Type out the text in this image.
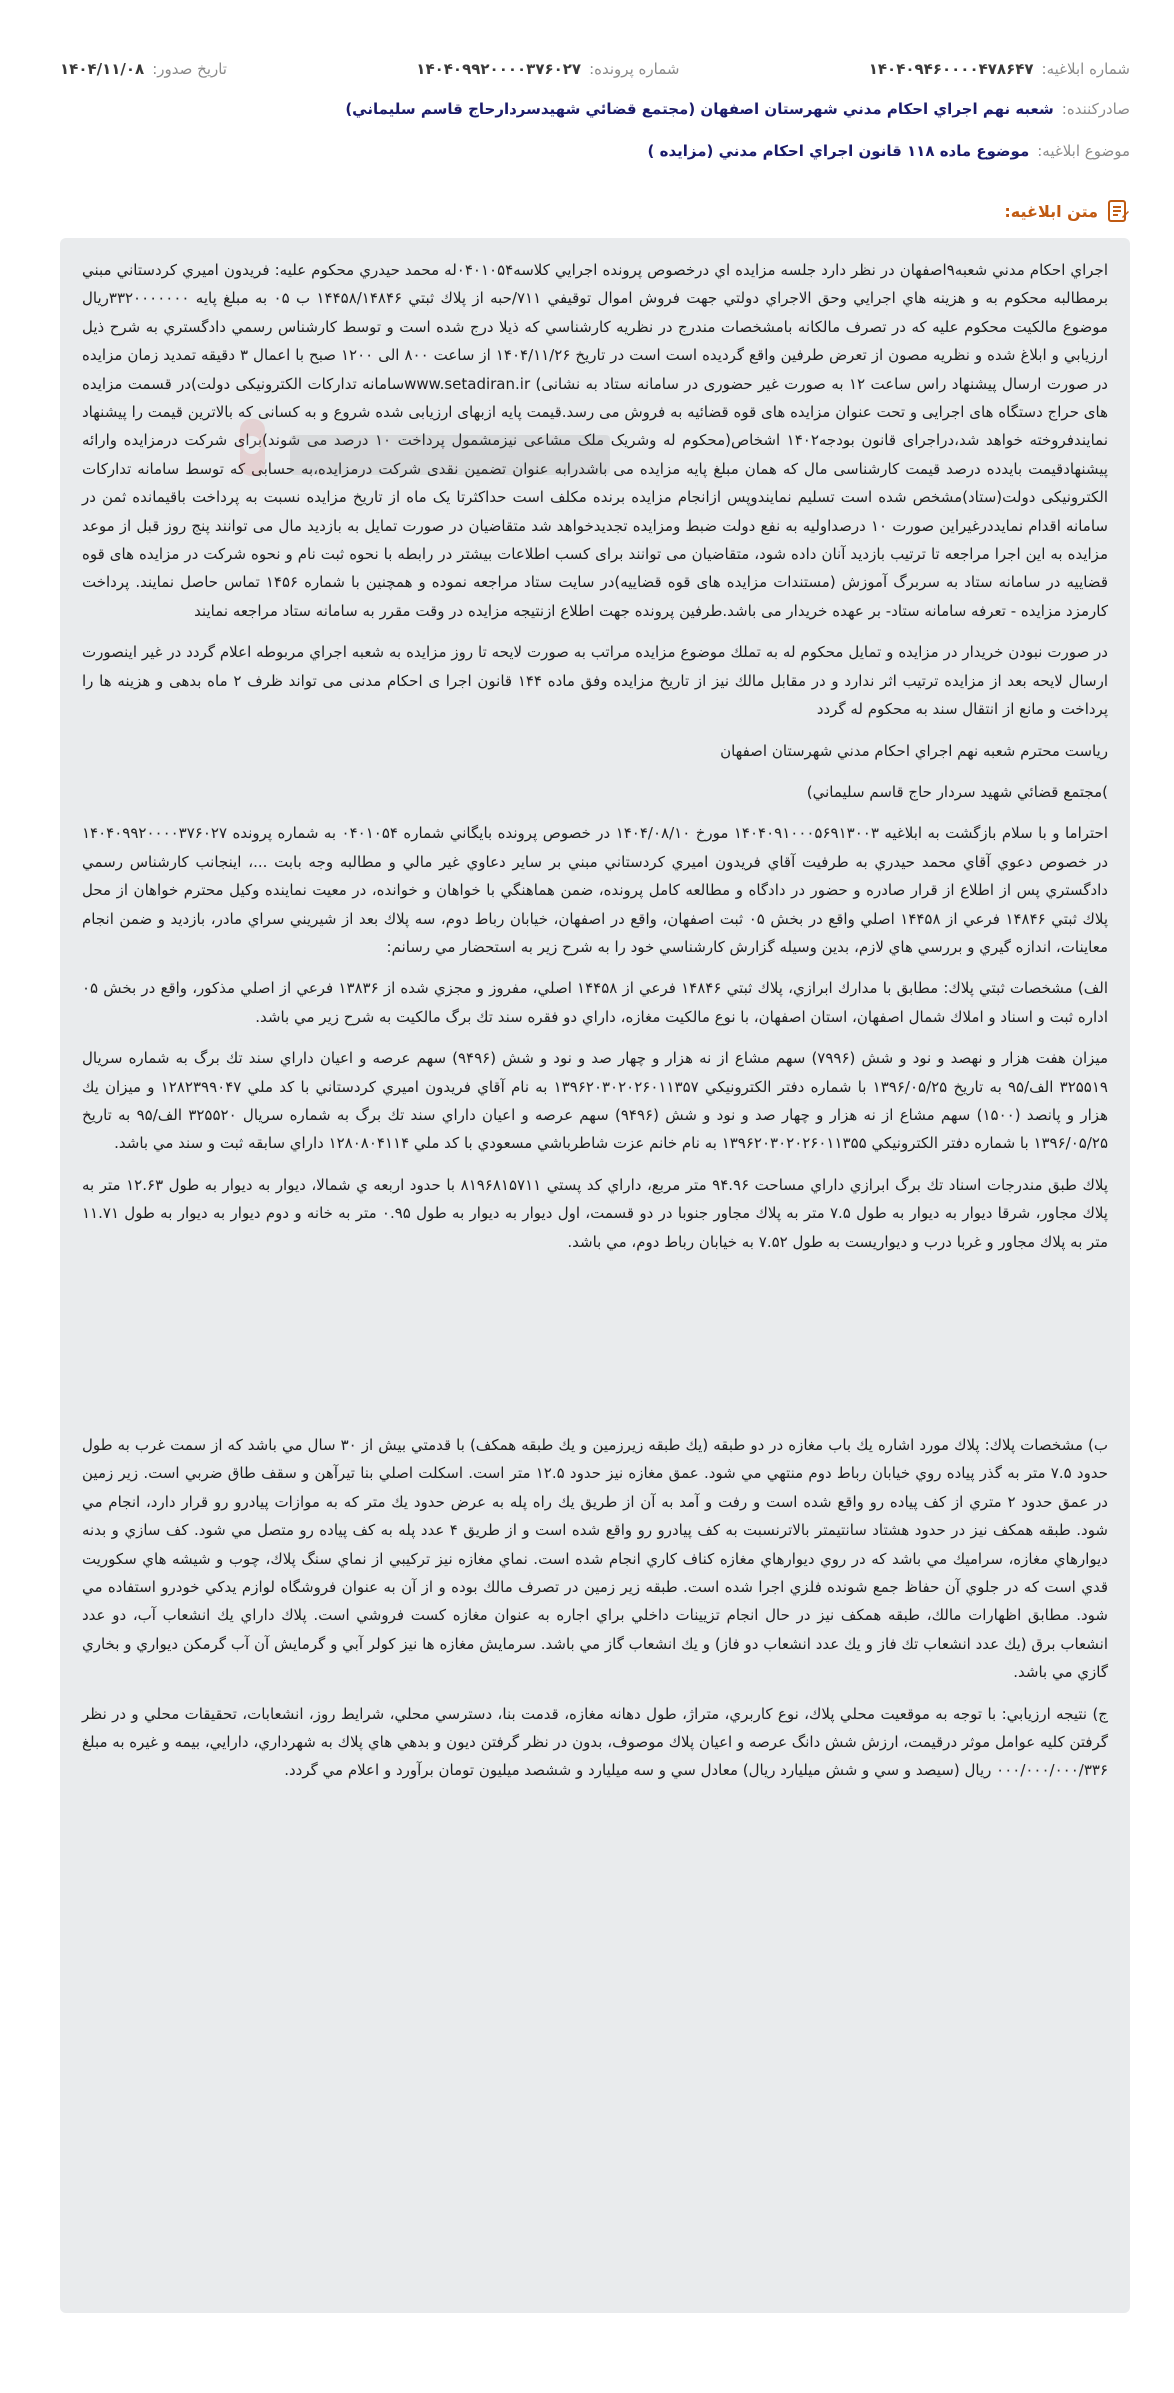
شماره ابلاغيه:
۱۴۰۴۰۹۴۶۰۰۰۰۴۷۸۶۴۷
شماره پرونده:
۱۴۰۴۰۹۹۲۰۰۰۰۳۷۶۰۲۷
تاريخ صدور:
۱۴۰۴/۱۱/۰۸
صادركننده:
شعبه نهم اجراي احكام مدني شهرستان اصفهان (مجتمع قضائي شهيدسردارحاج قاسم سليماني)
موضوع ابلاغيه:
موضوع ماده ۱۱۸ قانون اجراي احكام مدني (مزايده )
متن ابلاغیه:

اجراي احكام مدني شعبه۹اصفهان در نظر دارد جلسه مزايده اي درخصوص پرونده اجرايي كلاسه۰۴۰۱۰۵۴له محمد حيدري محكوم عليه: فريدون اميري كردستاني مبني برمطالبه محكوم به و هزينه هاي اجرايي وحق الاجراي دولتي جهت فروش اموال توقيفي ۷۱۱/حبه از پلاك ثبتي ۱۴۴۵۸/۱۴۸۴۶ ب ۰۵ به مبلغ پايه ۳۳۲۰۰۰۰۰۰۰ريال موضوع مالكيت محكوم عليه كه در تصرف مالكانه بامشخصات مندرج در نظريه كارشناسي كه ذيلا درج شده است و توسط كارشناس رسمي دادگستري به شرح ذيل ارزيابي و ابلاغ شده و نظريه مصون از تعرض طرفين واقع گرديده است است در تاريخ ۱۴۰۴/۱۱/۲۶ از ساعت ۸۰۰ الی ۱۲۰۰ صبح با اعمال ۳ دقيقه تمديد زمان مزايده در صورت ارسال پيشنهاد راس ساعت ۱۲ به صورت غير حضوری در سامانه ستاد به نشانی) www.setadiran.irسامانه تدارکات الکترونيکی دولت)در قسمت مزايده های حراج دستگاه های اجرايی و تحت عنوان مزايده های قوه قضائيه به فروش می رسد.قيمت پايه ازبهای ارزيابی شده شروع و به کسانی که بالاترين قيمت را پيشنهاد نمايندفروخته خواهد شد،دراجرای قانون بودجه۱۴۰۲ اشخاص(محکوم له وشريک ملک مشاعی نيزمشمول پرداخت ۱۰ درصد می شوند)برای شرکت درمزايده وارائه پيشنهادقيمت بايدده درصد قيمت کارشناسی مال که همان مبلغ پايه مزايده می باشدرابه عنوان تضمين نقدی شرکت درمزايده،به حسابی که توسط سامانه تدارکات الکترونيکی دولت(ستاد)مشخص شده است تسليم نمايندوپس ازانجام مزايده برنده مکلف است حداکثرتا يک ماه از تاريخ مزايده نسبت به پرداخت باقيمانده ثمن در سامانه اقدام نمايددرغيراين صورت ۱۰ درصداوليه به نفع دولت ضبط ومزايده تجديدخواهد شد متقاضيان در صورت تمايل به بازديد مال می توانند پنج روز قبل از موعد مزايده به اين اجرا مراجعه تا ترتيب بازديد آنان داده شود، متقاضيان می توانند برای کسب اطلاعات بيشتر در رابطه با نحوه ثبت نام و نحوه شرکت در مزايده های قوه قضاييه در سامانه ستاد به سربرگ آموزش (مستندات مزايده های قوه قضاييه)در سايت ستاد مراجعه نموده و همچنين با شماره ۱۴۵۶ تماس حاصل نمايند. پرداخت کارمزد مزايده - تعرفه سامانه ستاد- بر عهده خريدار می باشد.طرفين پرونده جهت اطلاع ازنتيجه مزايده در وقت مقرر به سامانه ستاد مراجعه نمايند

در صورت نبودن خريدار در مزايده و تمايل محكوم له به تملك موضوع مزايده مراتب به صورت لايحه تا روز مزايده به شعبه اجراي مربوطه اعلام گردد در غير اينصورت ارسال لايحه بعد از مزايده ترتيب اثر ندارد و در مقابل مالك نيز از تاريخ مزايده وفق ماده ۱۴۴ قانون اجرا ی احکام مدنی می تواند ظرف ۲ ماه بدهی و هزينه ها را پرداخت و مانع از انتقال سند به محکوم له گردد

رياست محترم شعبه نهم اجراي احكام مدني شهرستان اصفهان

)مجتمع قضائي شهيد سردار حاج قاسم سليماني)

احتراما و با سلام بازگشت به ابلاغيه ۱۴۰۴۰۹۱۰۰۰۵۶۹۱۳۰۰۳ مورخ ۱۴۰۴/۰۸/۱۰ در خصوص پرونده بايگاني شماره ۰۴۰۱۰۵۴ به شماره پرونده ۱۴۰۴۰۹۹۲۰۰۰۰۳۷۶۰۲۷ در خصوص دعوي آقاي محمد حيدري به طرفيت آقاي فريدون اميري كردستاني مبني بر ساير دعاوي غير مالي و مطالبه وجه بابت ...، اينجانب كارشناس رسمي دادگستري پس از اطلاع از قرار صادره و حضور در دادگاه و مطالعه كامل پرونده، ضمن هماهنگي با خواهان و خوانده، در معيت نماينده وكيل محترم خواهان از محل پلاك ثبتي ۱۴۸۴۶ فرعي از ۱۴۴۵۸ اصلي واقع در بخش ۰۵ ثبت اصفهان، واقع در اصفهان، خيابان رباط دوم، سه پلاك بعد از شيريني سراي مادر، بازديد و ضمن انجام معاينات، اندازه گيري و بررسي هاي لازم، بدين وسيله گزارش كارشناسي خود را به شرح زير به استحضار مي رسانم:

الف) مشخصات ثبتي پلاك: مطابق با مدارك ابرازي، پلاك ثبتي ۱۴۸۴۶ فرعي از ۱۴۴۵۸ اصلي، مفروز و مجزي شده از ۱۳۸۳۶ فرعي از اصلي مذكور، واقع در بخش ۰۵ اداره ثبت و اسناد و املاك شمال اصفهان، استان اصفهان، با نوع مالكيت مغازه، داراي دو فقره سند تك برگ مالكيت به شرح زير مي باشد.

ميزان هفت هزار و نهصد و نود و شش (۷۹۹۶) سهم مشاع از نه هزار و چهار صد و نود و شش (۹۴۹۶) سهم عرصه و اعيان داراي سند تك برگ به شماره سريال ۳۲۵۵۱۹ الف/۹۵ به تاريخ ۱۳۹۶/۰۵/۲۵ با شماره دفتر الكترونيكي ۱۳۹۶۲۰۳۰۲۰۲۶۰۱۱۳۵۷ به نام آقاي فريدون اميري كردستاني با كد ملي ۱۲۸۲۳۹۹۰۴۷ و ميزان يك هزار و پانصد (۱۵۰۰) سهم مشاع از نه هزار و چهار صد و نود و شش (۹۴۹۶) سهم عرصه و اعيان داراي سند تك برگ به شماره سريال ۳۲۵۵۲۰ الف/۹۵ به تاريخ ۱۳۹۶/۰۵/۲۵ با شماره دفتر الكترونيكي ۱۳۹۶۲۰۳۰۲۰۲۶۰۱۱۳۵۵ به نام خانم عزت شاطرباشي مسعودي با كد ملي ۱۲۸۰۸۰۴۱۱۴ داراي سابقه ثبت و سند مي باشد.

پلاك طبق مندرجات اسناد تك برگ ابرازي داراي مساحت ۹۴.۹۶ متر مربع، داراي كد پستي ۸۱۹۶۸۱۵۷۱۱ با حدود اربعه ي شمالا، ديوار به ديوار به طول ۱۲.۶۳ متر به پلاك مجاور، شرقا ديوار به ديوار به طول ۷.۵ متر به پلاك مجاور جنوبا در دو قسمت، اول ديوار به ديوار به طول ۰.۹۵ متر به خانه و دوم ديوار به ديوار به طول ۱۱.۷۱ متر به پلاك مجاور و غربا درب و ديواريست به طول ۷.۵۲ به خيابان رباط دوم، مي باشد.

ب) مشخصات پلاك: پلاك مورد اشاره يك باب مغازه در دو طبقه (يك طبقه زيرزمين و يك طبقه همكف) با قدمتي بيش از ۳۰ سال مي باشد كه از سمت غرب به طول حدود ۷.۵ متر به گذر پياده روي خيابان رباط دوم منتهي مي شود. عمق مغازه نيز حدود ۱۲.۵ متر است. اسكلت اصلي بنا تيرآهن و سقف طاق ضربي است. زير زمين در عمق حدود ۲ متري از كف پياده رو واقع شده است و رفت و آمد به آن از طريق يك راه پله به عرض حدود يك متر كه به موازات پيادرو رو قرار دارد، انجام مي شود. طبقه همكف نيز در حدود هشتاد سانتيمتر بالاترنسبت به كف پيادرو رو واقع شده است و از طريق ۴ عدد پله به كف پياده رو متصل مي شود. كف سازي و بدنه ديوارهاي مغازه، سراميك مي باشد كه در روي ديوارهاي مغازه كناف كاري انجام شده است. نماي مغازه نيز تركيبي از نماي سنگ پلاك، چوب و شيشه هاي سكوريت قدي است كه در جلوي آن حفاظ جمع شونده فلزي اجرا شده است. طبقه زير زمين در تصرف مالك بوده و از آن به عنوان فروشگاه لوازم يدكي خودرو استفاده مي شود. مطابق اظهارات مالك، طبقه همكف نيز در حال انجام تزيينات داخلي براي اجاره به عنوان مغازه كست فروشي است. پلاك داراي يك انشعاب آب، دو عدد انشعاب برق (يك عدد انشعاب تك فاز و يك عدد انشعاب دو فاز) و يك انشعاب گاز مي باشد. سرمايش مغازه ها نيز كولر آبي و گرمايش آن آب گرمكن ديواري و بخاري گازي مي باشد.

ج) نتيجه ارزيابي: با توجه به موقعيت محلي پلاك، نوع كاربري، متراژ، طول دهانه مغازه، قدمت بنا، دسترسي محلي، شرايط روز، انشعابات، تحقيقات محلي و در نظر گرفتن كليه عوامل موثر درقيمت، ارزش شش دانگ عرصه و اعيان پلاك موصوف، بدون در نظر گرفتن ديون و بدهي هاي پلاك به شهرداري، دارايي، بيمه و غيره به مبلغ ۰۰۰/۰۰۰/۰۰۰/۳۳۶ ريال (سيصد و سي و شش ميليارد ريال) معادل سي و سه ميليارد و ششصد ميليون تومان برآورد و اعلام مي گردد.
